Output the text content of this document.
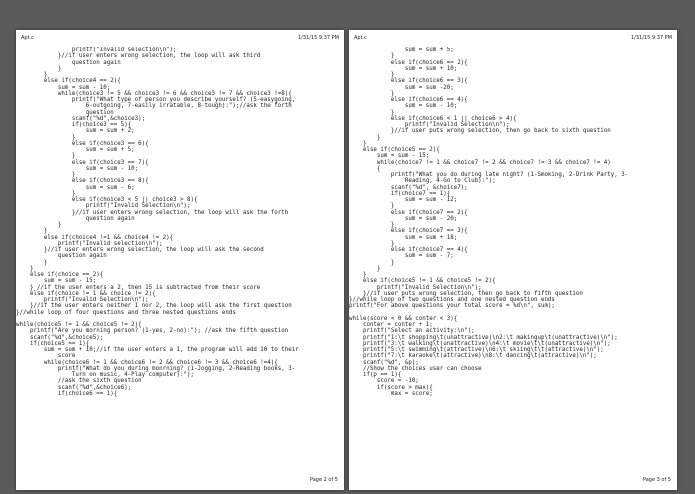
Apt.c	1/31/15 9:37 PM
printf("Invalid selection\n");
}//if user enters wrong selection, the loop will ask third
question again
}
}
else if(choice4 == 2){
sum = sum - 10;
while(choice3 != 5 && choice3 != 6 && choice3 != 7 && choice3 !=8){
printf("What type of person you describe yourself? (5-easygoing,
6-outgoing, 7-easily irratable, 8-tough):");//ask the forth
question
scanf("%d",&choice3);
if(choice3 == 5){
sum = sum + 2;
}
else if(choice3 == 6){
sum = sum + 5;
}
else if(choice3 == 7){
sum = sum - 10;
}
else if(choice3 == 8){
sum = sum - 6;
}
else if(choice3 < 5 || choice3 > 8){
printf("Invalid Selection\n");
}//if user enters wrong selection, the loop will ask the forth
question again
}
}
else if(choice4 !=1 && choice4 != 2){
printf("Invalid selection\n");
}//if user enters wrong selection, the loop will ask the second
question again
}
}
else if(choice == 2){
sum = sum - 15;
} //if the user enters a 2, then 15 is subtracted from their score
else if(choice != 1 && choice != 2){
printf("Invalid Selection\n");
}//if the user enters neither 1 nor 2, the loop will ask the first question
}//while loop of four questions and three nested questions ends
while(choice5 != 1 && choice5 != 2){
printf("Are you morning person? (1-yes, 2-no):"); //ask the fifth question
scanf("%d",&choice5);
if(choice5 == 1){
sum = sum + 10;//if the user enters a 1, the program will add 10 to their
score
while(choice6 != 1 && choice6 != 2 && choice6 != 3 && choice6 !=4){
printf("What do you during monrning? (1-Jogging, 2-Reading books, 3-
Turn on music, 4-Play computer):");
//ask the sixth question
scanf("%d",&choice6);
if(choice6 == 1){
Page 2 of 5
Apt.c	1/31/15 9:37 PM
sum = sum + 5;
}
else if(choice6 == 2){
sum = sum + 10;
}
else if(choice6 == 3){
sum = sum -20;
}
else if(choice6 == 4){
sum = sum - 10;
}
else if(choice6 < 1 || choice6 > 4){
printf("Invalid Selection\n");
}//if user puts wrong selection, then go back to sixth question
}
}
else if(choice5 == 2){
sum = sum - 15;
while(choice7 != 1 && choice7 != 2 && choice7 != 3 && choice7 != 4)
{
printf("What you do during late night? (1-Smoking, 2-Drink Party, 3-
Reading, 4-Go to Club):");
scanf("%d", &choice7);
if(choice7 == 1){
sum = sum - 12;
}
else if(choice7 == 2){
sum = sum - 20;
}
else if(choice7 == 3){
sum = sum + 18;
}
else if(choice7 == 4){
sum = sum - 7;
}
}
}
else if(choice5 != 1 && choice5 != 2){
printf("Invalid Selection\n");
}//if user puts wrong selection, then go back to fifth question
}//while loop of two questions and one nested question ends
printf("For above questions your total score = %d\n", sum);
while(score < 0 && conter < 3){
conter = conter + 1;
printf("Select an activity:\n");
printf("1:\t shopping\t(unattractive)\n2:\t makingup\t(unattractive)\n");
printf("3:\t walking\t(unattractive)\n4:\t movie\t\t(unattractive)\n");
printf("5:\t swimming\t(attractive)\n6:\t skiing\t\t(attractive)\n");
printf("7:\t karaoke\t(attractive)\n8:\t dancing\t(attractive)\n");
scanf("%d", &p);
//Show the choices user can choose
if(p == 1){
score = -10;
if(score > max){
max = score;
Page 3 of 5
